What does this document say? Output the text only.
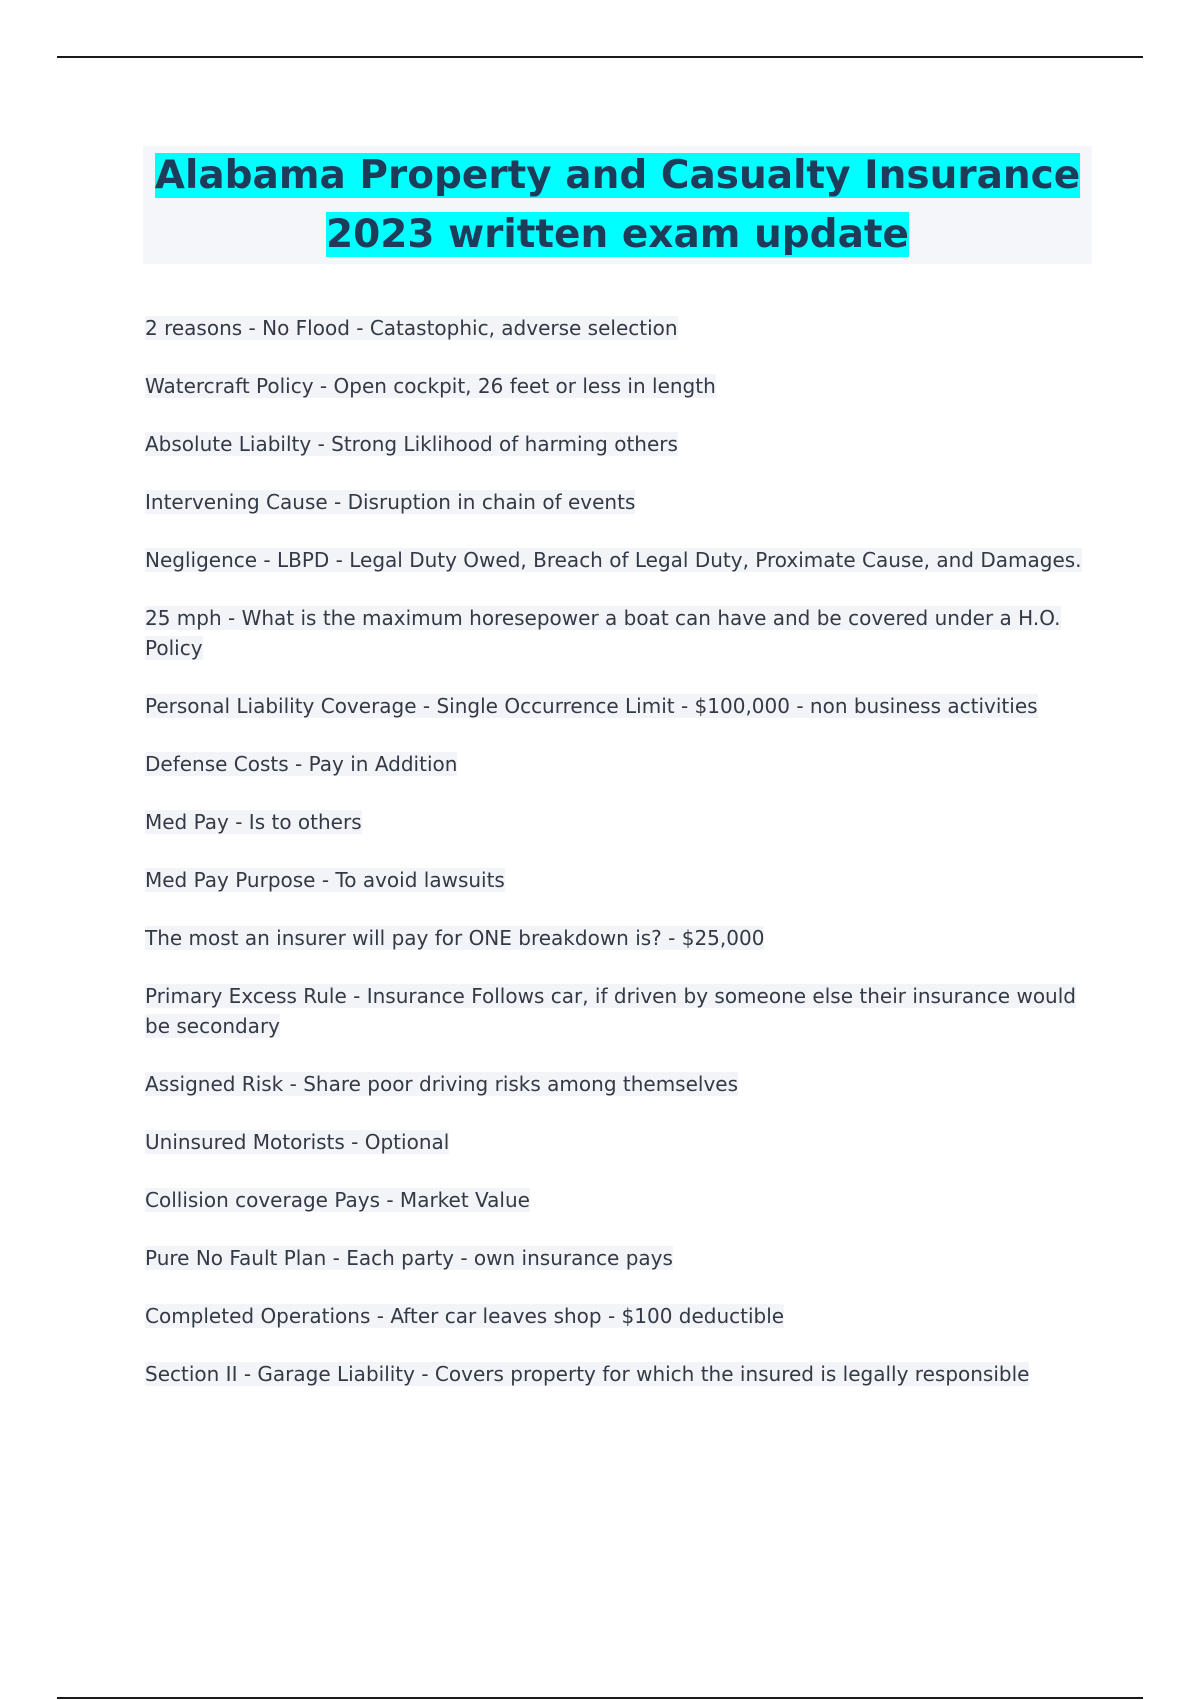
Alabama Property and Casualty Insurance
2023 written exam update

2 reasons - No Flood - Catastophic, adverse selection

Watercraft Policy - Open cockpit, 26 feet or less in length

Absolute Liabilty - Strong Liklihood of harming others

Intervening Cause - Disruption in chain of events

Negligence - LBPD - Legal Duty Owed, Breach of Legal Duty, Proximate Cause, and Damages.

25 mph - What is the maximum horesepower a boat can have and be covered under a H.O. Policy

Personal Liability Coverage - Single Occurrence Limit - $100,000 - non business activities

Defense Costs - Pay in Addition

Med Pay - Is to others

Med Pay Purpose - To avoid lawsuits

The most an insurer will pay for ONE breakdown is? - $25,000

Primary Excess Rule - Insurance Follows car, if driven by someone else their insurance would be secondary

Assigned Risk - Share poor driving risks among themselves

Uninsured Motorists - Optional

Collision coverage Pays - Market Value

Pure No Fault Plan - Each party - own insurance pays

Completed Operations - After car leaves shop - $100 deductible

Section II - Garage Liability - Covers property for which the insured is legally responsible
